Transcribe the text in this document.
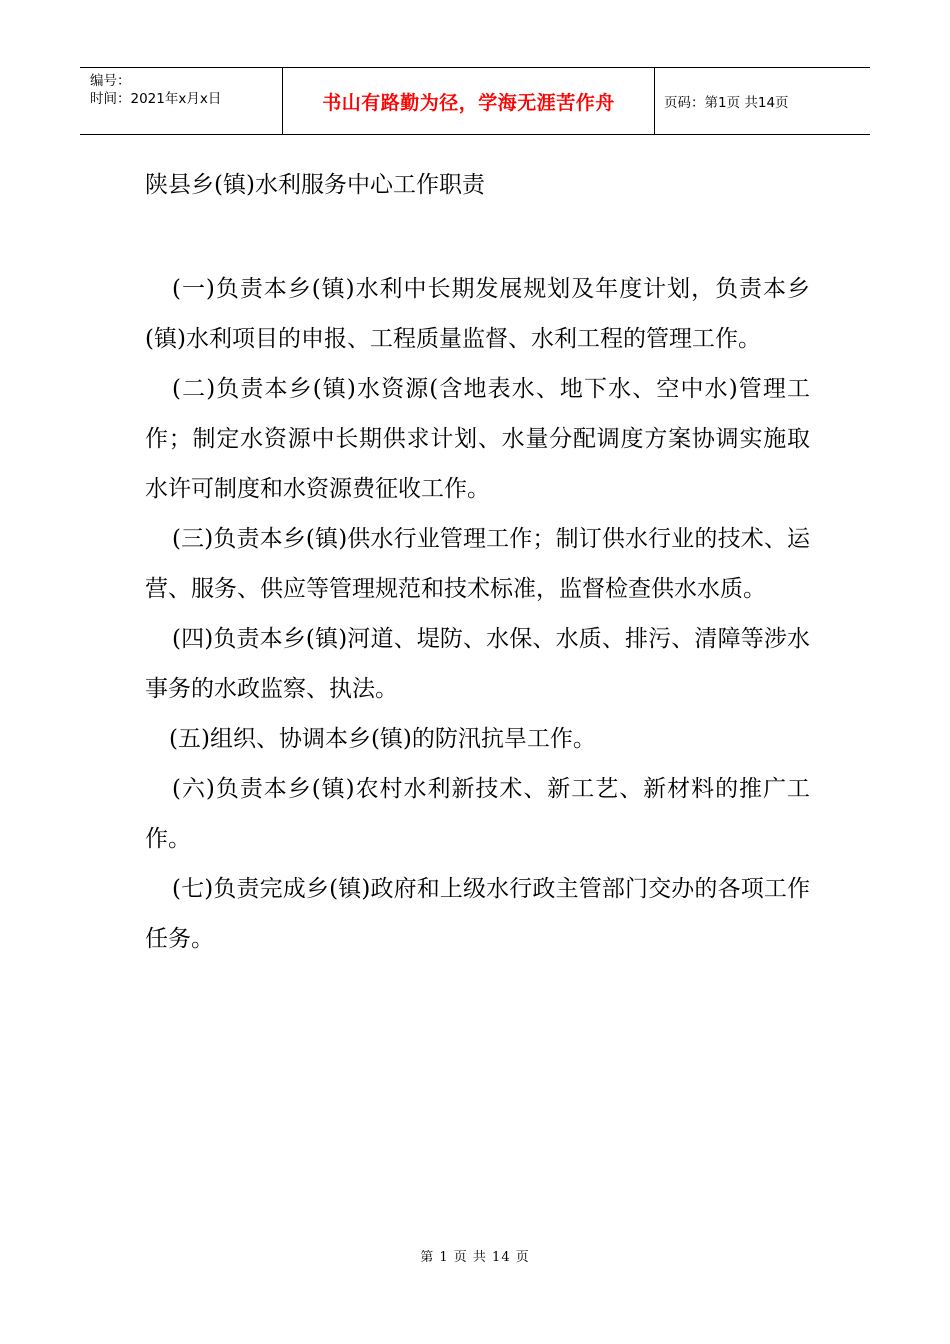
编号：
时间：2021年x月x日	书山有路勤为径，学海无涯苦作舟	页码：第1页 共14页
陕县乡(镇)水利服务中心工作职责

(一)负责本乡(镇)水利中长期发展规划及年度计划，负责本乡(镇)水利项目的申报、工程质量监督、水利工程的管理工作。

(二)负责本乡(镇)水资源(含地表水、地下水、空中水)管理工作；制定水资源中长期供求计划、水量分配调度方案协调实施取水许可制度和水资源费征收工作。

(三)负责本乡(镇)供水行业管理工作；制订供水行业的技术、运营、服务、供应等管理规范和技术标准，监督检查供水水质。

(四)负责本乡(镇)河道、堤防、水保、水质、排污、清障等涉水事务的水政监察、执法。

(五)组织、协调本乡(镇)的防汛抗旱工作。

(六)负责本乡(镇)农村水利新技术、新工艺、新材料的推广工作。

(七)负责完成乡(镇)政府和上级水行政主管部门交办的各项工作任务。

第 1 页 共 14 页
